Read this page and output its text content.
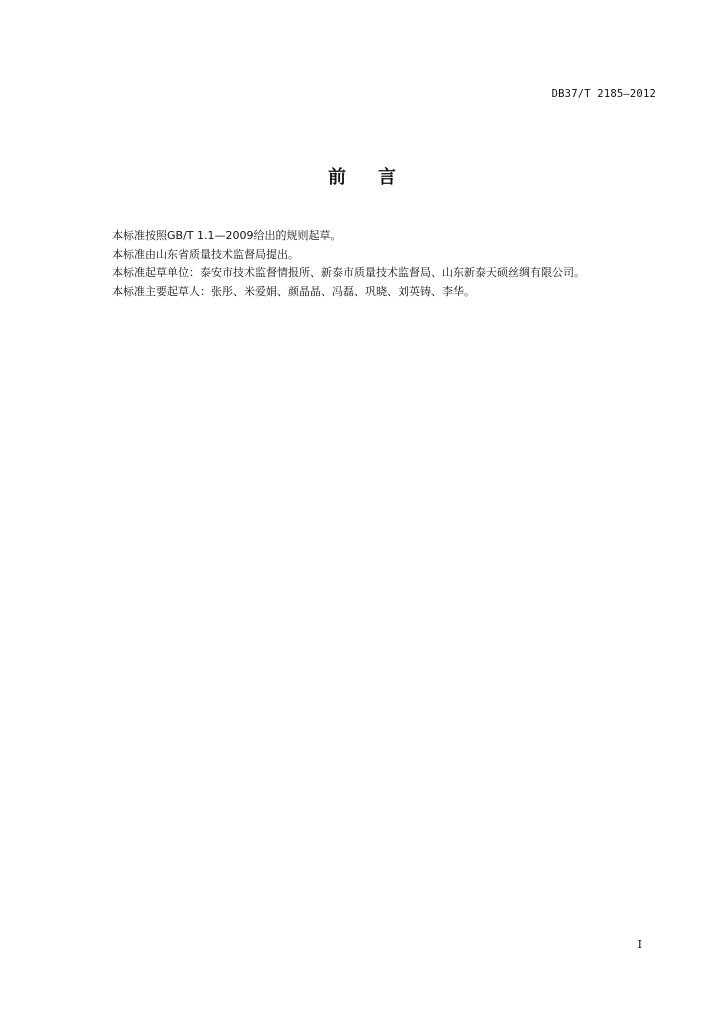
DB37/T 2185—2012
前言
本标准按照GB/T 1.1—2009给出的规则起草。
本标准由山东省质量技术监督局提出。
本标准起草单位：泰安市技术监督情报所、新泰市质量技术监督局、山东新泰天硕丝绸有限公司。
本标准主要起草人：张彤、米爱娟、颜晶晶、冯磊、巩晓、刘英铸、李华。
I
